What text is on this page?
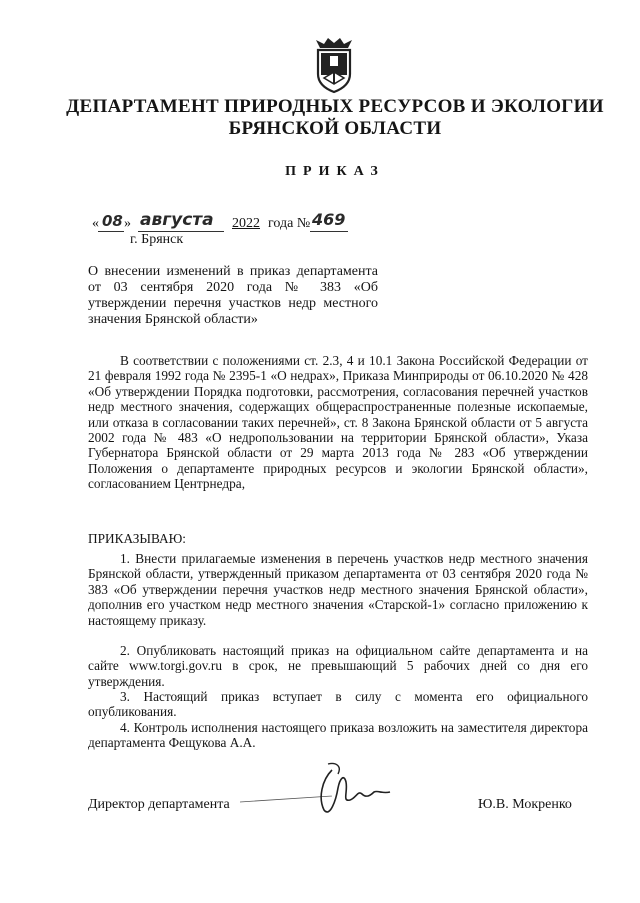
ДЕПАРТАМЕНТ ПРИРОДНЫХ РЕСУРСОВ И ЭКОЛОГИИ
БРЯНСКОЙ ОБЛАСТИ
ПРИКАЗ
« 08 » августа 2022 года № 469
г. Брянск
О внесении изменений в приказ департамента от 03 сентября 2020 года № 383 «Об утверждении перечня участков недр местного значения Брянской области»
В соответствии с положениями ст. 2.3, 4 и 10.1 Закона Российской Федерации от 21 февраля 1992 года № 2395-1 «О недрах», Приказа Минприроды от 06.10.2020 № 428 «Об утверждении Порядка подготовки, рассмотрения, согласования перечней участков недр местного значения, содержащих общераспространенные полезные ископаемые, или отказа в согласовании таких перечней», ст. 8 Закона Брянской области от 5 августа 2002 года № 483 «О недропользовании на территории Брянской области», Указа Губернатора Брянской области от 29 марта 2013 года № 283 «Об утверждении Положения о департаменте природных ресурсов и экологии Брянской области», согласованием Центрнедра,
ПРИКАЗЫВАЮ:
1. Внести прилагаемые изменения в перечень участков недр местного значения Брянской области, утвержденный приказом департамента от 03 сентября 2020 года № 383 «Об утверждении перечня участков недр местного значения Брянской области», дополнив его участком недр местного значения «Старской-1» согласно приложению к настоящему приказу.
2. Опубликовать настоящий приказ на официальном сайте департамента и на сайте www.torgi.gov.ru в срок, не превышающий 5 рабочих дней со дня его утверждения.
3. Настоящий приказ вступает в силу с момента его официального опубликования.
4. Контроль исполнения настоящего приказа возложить на заместителя директора департамента Фещукова А.А.
Директор департамента	Ю.В. Мокренко
